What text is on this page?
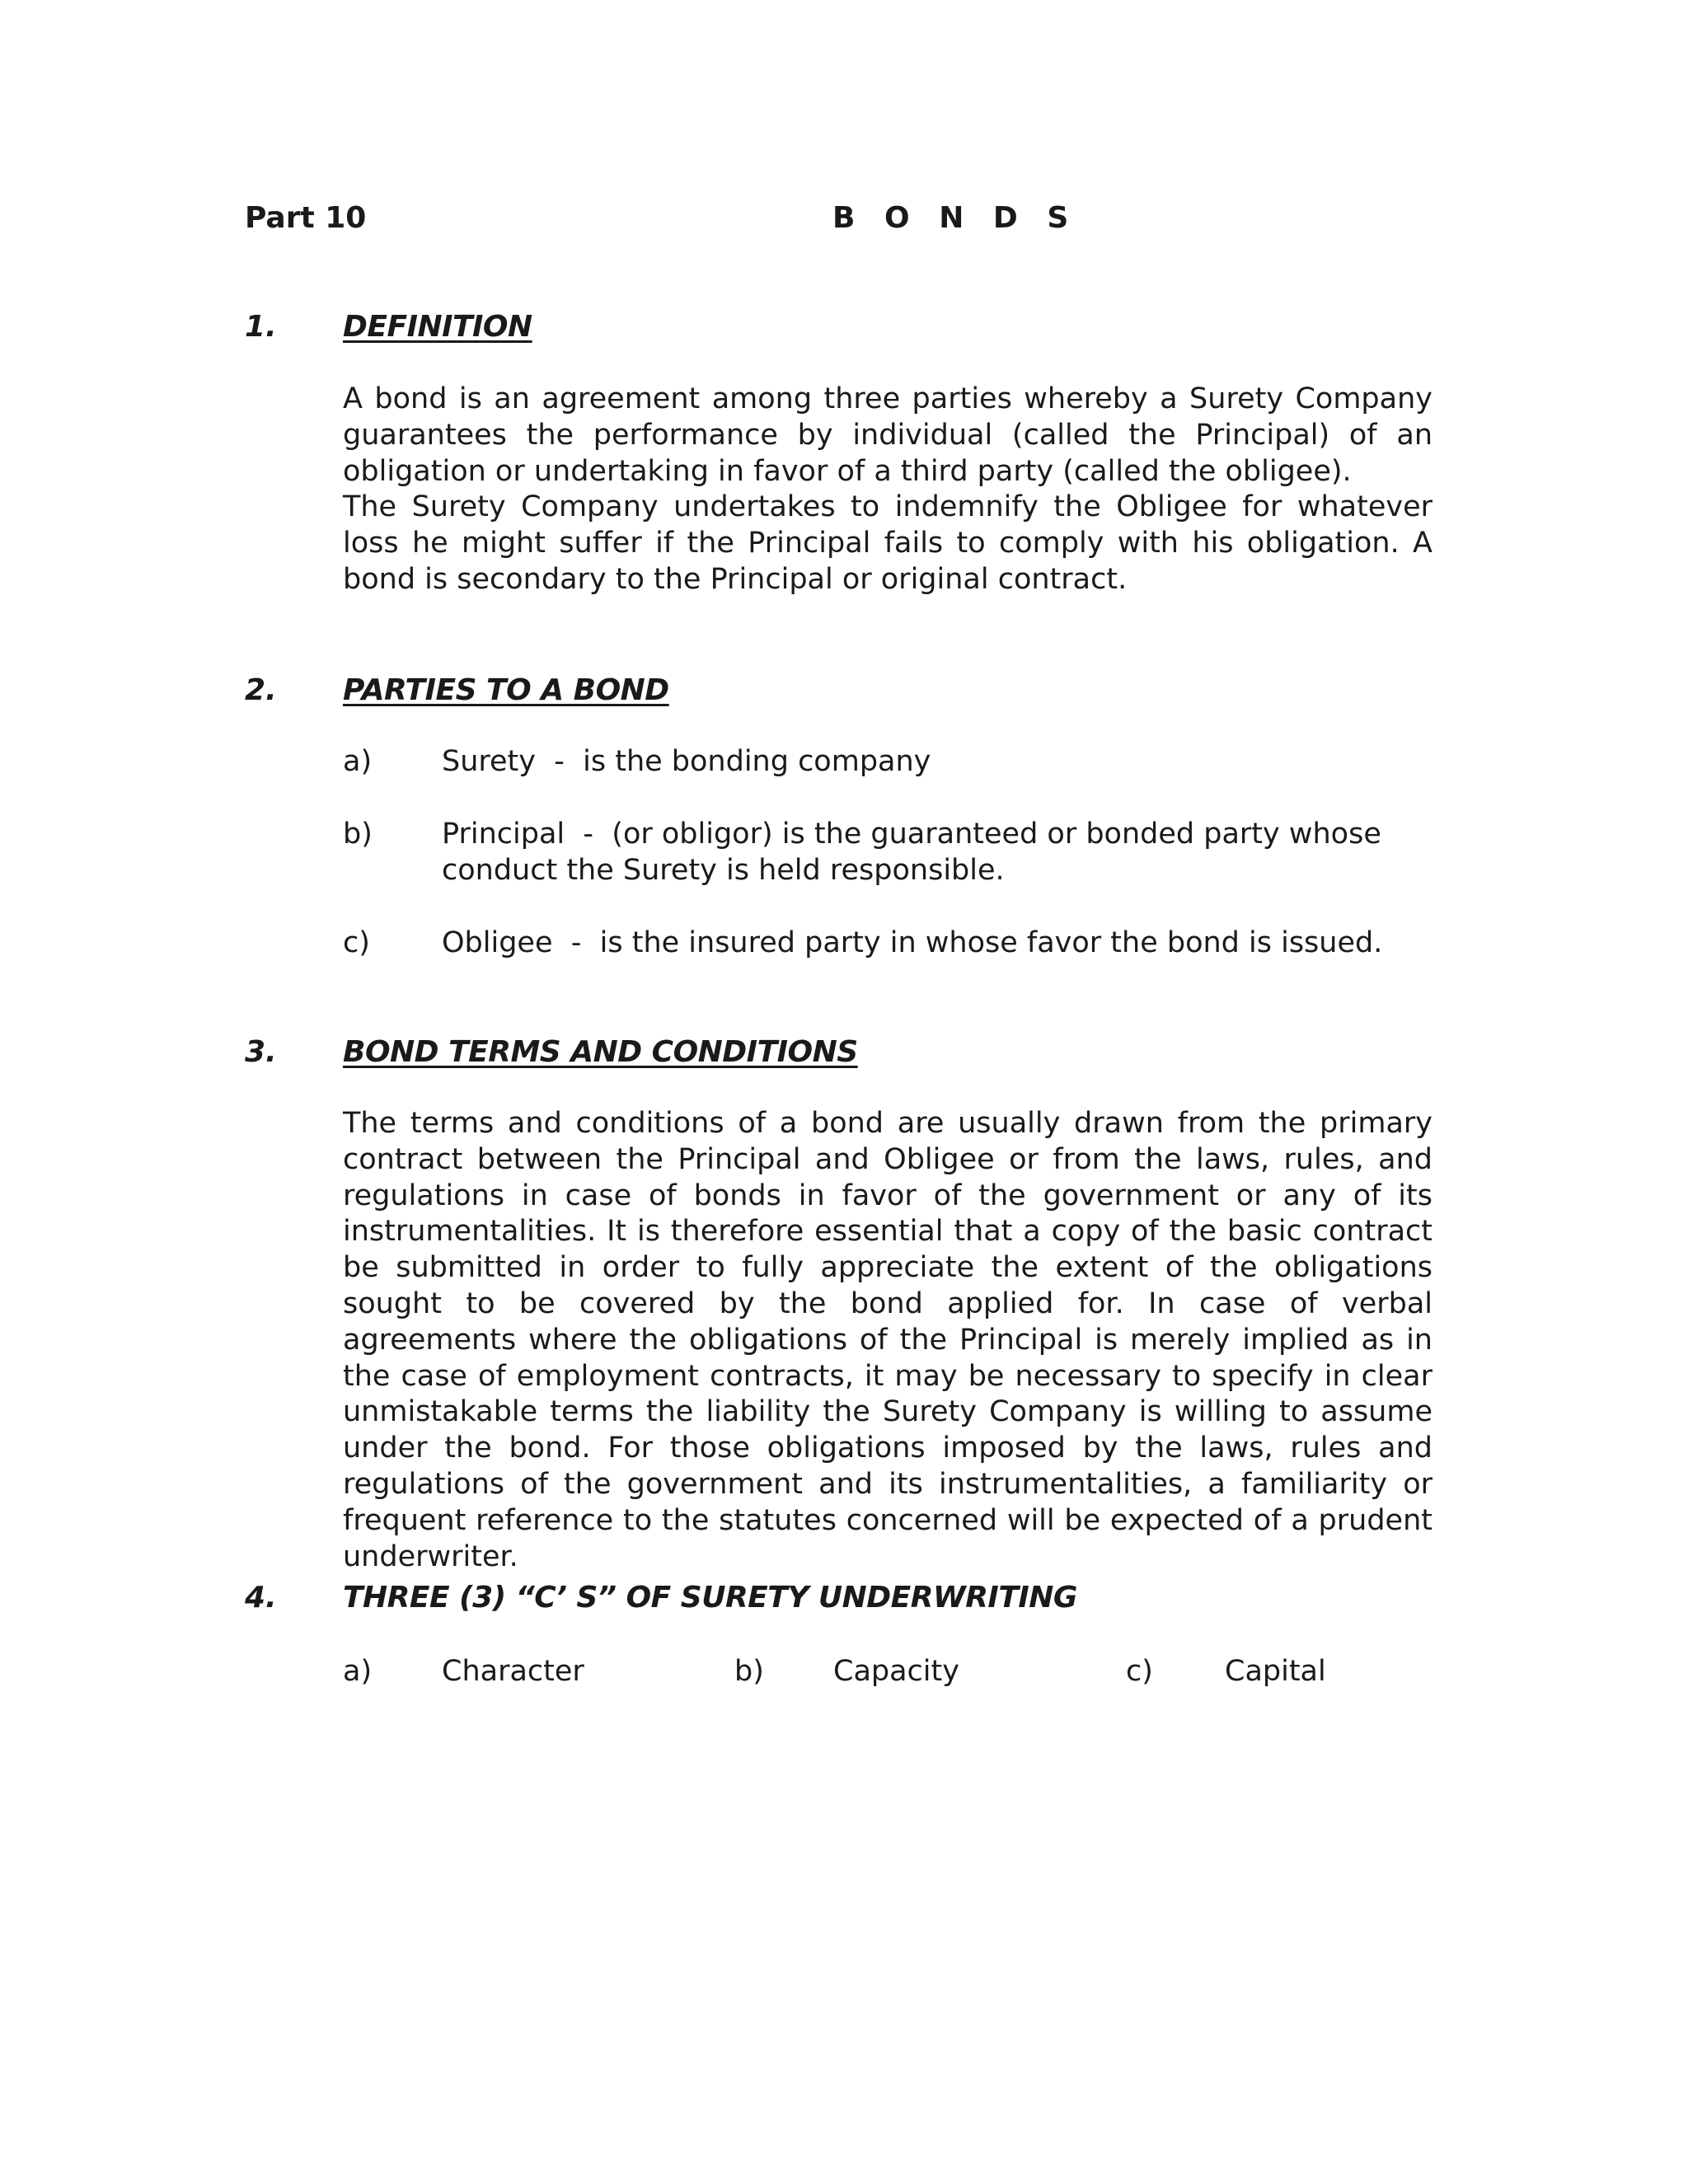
Part 10	B O N D S
1. DEFINITION

A bond is an agreement among three parties whereby a Surety Company guarantees the performance by individual (called the Principal) of an obligation or undertaking in favor of a third party (called the obligee).

The Surety Company undertakes to indemnify the Obligee for whatever loss he might suffer if the Principal fails to comply with his obligation. A bond is secondary to the Principal or original contract.

2. PARTIES TO A BOND
a) Surety  -  is the bonding company
b) Principal  -  (or obligor) is the guaranteed or bonded party whose conduct the Surety is held responsible.
c) Obligee  -  is the insured party in whose favor the bond is issued.
3. BOND TERMS AND CONDITIONS

The terms and conditions of a bond are usually drawn from the primary contract between the Principal and Obligee or from the laws, rules, and regulations in case of bonds in favor of the government or any of its instrumentalities. It is therefore essential that a copy of the basic contract be submitted in order to fully appreciate the extent of the obligations sought to be covered by the bond applied for. In case of verbal agreements where the obligations of the Principal is merely implied as in the case of employment contracts, it may be necessary to specify in clear unmistakable terms the liability the Surety Company is willing to assume under the bond. For those obligations imposed by the laws, rules and regulations of the government and its instrumentalities, a familiarity or frequent reference to the statutes concerned will be expected of a prudent underwriter.

4. THREE (3) “C’ S” OF SURETY UNDERWRITING
a) Character	b) Capacity	c) Capital
